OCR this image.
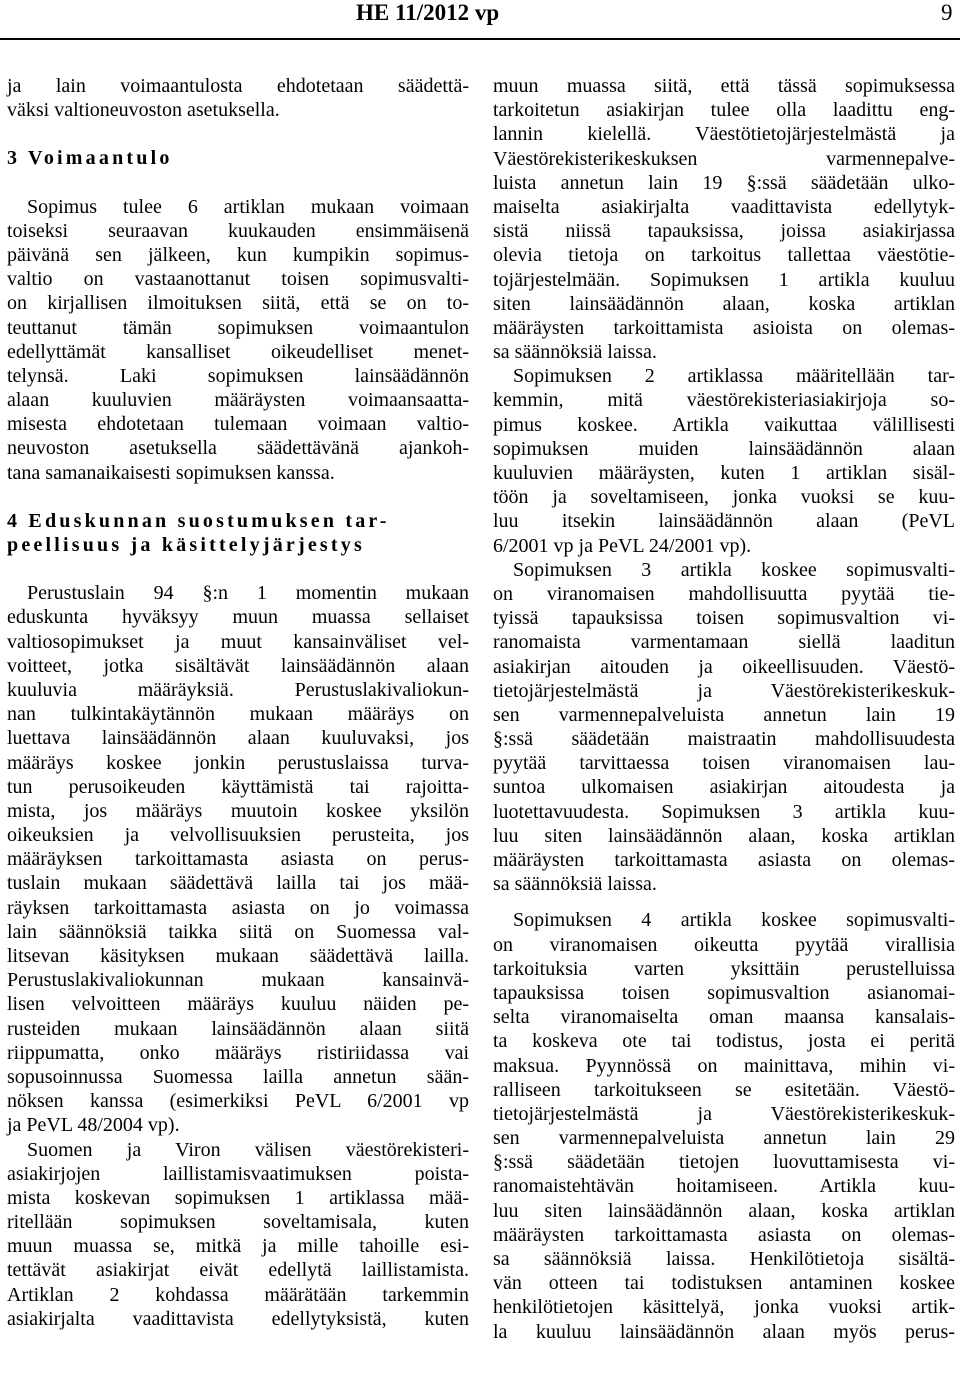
HE 11/2012 vp	9
ja lain voimaantulosta ehdotetaan säädettä-
väksi valtioneuvoston asetuksella.
3 Voimaantulo
Sopimus tulee 6 artiklan mukaan voimaan
toiseksi seuraavan kuukauden ensimmäisenä
päivänä sen jälkeen, kun kumpikin sopimus-
valtio on vastaanottanut toisen sopimusvalti-
on kirjallisen ilmoituksen siitä, että se on to-
teuttanut tämän sopimuksen voimaantulon
edellyttämät kansalliset oikeudelliset menet-
telynsä. Laki sopimuksen lainsäädännön
alaan kuuluvien määräysten voimaansaatta-
misesta ehdotetaan tulemaan voimaan valtio-
neuvoston asetuksella säädettävänä ajankoh-
tana samanaikaisesti sopimuksen kanssa.
4 Eduskunnan suostumuksen tar-
peellisuus ja käsittelyjärjestys
Perustuslain 94 §:n 1 momentin mukaan
eduskunta hyväksyy muun muassa sellaiset
valtiosopimukset ja muut kansainväliset vel-
voitteet, jotka sisältävät lainsäädännön alaan
kuuluvia määräyksiä. Perustuslakivaliokun-
nan tulkintakäytännön mukaan määräys on
luettava lainsäädännön alaan kuuluvaksi, jos
määräys koskee jonkin perustuslaissa turva-
tun perusoikeuden käyttämistä tai rajoitta-
mista, jos määräys muutoin koskee yksilön
oikeuksien ja velvollisuuksien perusteita, jos
määräyksen tarkoittamasta asiasta on perus-
tuslain mukaan säädettävä lailla tai jos mää-
räyksen tarkoittamasta asiasta on jo voimassa
lain säännöksiä taikka siitä on Suomessa val-
litsevan käsityksen mukaan säädettävä lailla.
Perustuslakivaliokunnan mukaan kansainvä-
lisen velvoitteen määräys kuuluu näiden pe-
rusteiden mukaan lainsäädännön alaan siitä
riippumatta, onko määräys ristiriidassa vai
sopusoinnussa Suomessa lailla annetun sään-
nöksen kanssa (esimerkiksi PeVL 6/2001 vp
ja PeVL 48/2004 vp).
Suomen ja Viron välisen väestörekisteri-
asiakirjojen laillistamisvaatimuksen poista-
mista koskevan sopimuksen 1 artiklassa mää-
ritellään sopimuksen soveltamisala, kuten
muun muassa se, mitkä ja mille tahoille esi-
tettävät asiakirjat eivät edellytä laillistamista.
Artiklan 2 kohdassa määrätään tarkemmin
asiakirjalta vaadittavista edellytyksistä, kuten
muun muassa siitä, että tässä sopimuksessa
tarkoitetun asiakirjan tulee olla laadittu eng-
lannin kielellä. Väestötietojärjestelmästä ja
Väestörekisterikeskuksen varmennepalve-
luista annetun lain 19 §:ssä säädetään ulko-
maiselta asiakirjalta vaadittavista edellytyk-
sistä niissä tapauksissa, joissa asiakirjassa
olevia tietoja on tarkoitus tallettaa väestötie-
tojärjestelmään. Sopimuksen 1 artikla kuuluu
siten lainsäädännön alaan, koska artiklan
määräysten tarkoittamista asioista on olemas-
sa säännöksiä laissa.
Sopimuksen 2 artiklassa määritellään tar-
kemmin, mitä väestörekisteriasiakirjoja so-
pimus koskee. Artikla vaikuttaa välillisesti
sopimuksen muiden lainsäädännön alaan
kuuluvien määräysten, kuten 1 artiklan sisäl-
töön ja soveltamiseen, jonka vuoksi se kuu-
luu itsekin lainsäädännön alaan (PeVL
6/2001 vp ja PeVL 24/2001 vp).
Sopimuksen 3 artikla koskee sopimusvalti-
on viranomaisen mahdollisuutta pyytää tie-
tyissä tapauksissa toisen sopimusvaltion vi-
ranomaista varmentamaan siellä laaditun
asiakirjan aitouden ja oikeellisuuden. Väestö-
tietojärjestelmästä ja Väestörekisterikeskuk-
sen varmennepalveluista annetun lain 19
§:ssä säädetään maistraatin mahdollisuudesta
pyytää tarvittaessa toisen viranomaisen lau-
suntoa ulkomaisen asiakirjan aitoudesta ja
luotettavuudesta. Sopimuksen 3 artikla kuu-
luu siten lainsäädännön alaan, koska artiklan
määräysten tarkoittamasta asiasta on olemas-
sa säännöksiä laissa.
Sopimuksen 4 artikla koskee sopimusvalti-
on viranomaisen oikeutta pyytää virallisia
tarkoituksia varten yksittäin perustelluissa
tapauksissa toisen sopimusvaltion asianomai-
selta viranomaiselta oman maansa kansalais-
ta koskeva ote tai todistus, josta ei peritä
maksua. Pyynnössä on mainittava, mihin vi-
ralliseen tarkoitukseen se esitetään. Väestö-
tietojärjestelmästä ja Väestörekisterikeskuk-
sen varmennepalveluista annetun lain 29
§:ssä säädetään tietojen luovuttamisesta vi-
ranomaistehtävän hoitamiseen. Artikla kuu-
luu siten lainsäädännön alaan, koska artiklan
määräysten tarkoittamasta asiasta on olemas-
sa säännöksiä laissa. Henkilötietoja sisältä-
vän otteen tai todistuksen antaminen koskee
henkilötietojen käsittelyä, jonka vuoksi artik-
la kuuluu lainsäädännön alaan myös perus-
